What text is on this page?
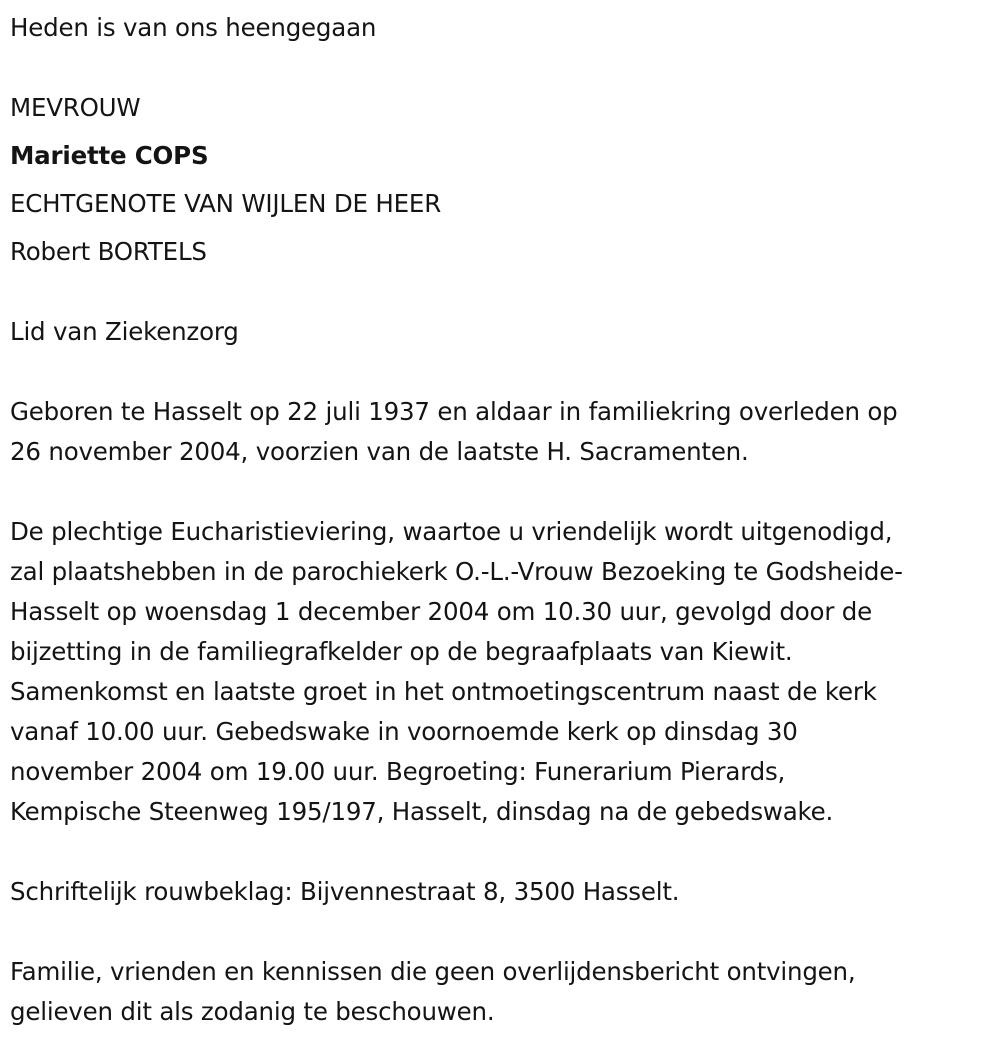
Heden is van ons heengegaan

MEVROUW

Mariette COPS

ECHTGENOTE VAN WIJLEN DE HEER

Robert BORTELS

Lid van Ziekenzorg

Geboren te Hasselt op 22 juli 1937 en aldaar in familiekring overleden op

26 november 2004, voorzien van de laatste H. Sacramenten.

De plechtige Eucharistieviering, waartoe u vriendelijk wordt uitgenodigd,

zal plaatshebben in de parochiekerk O.-L.-Vrouw Bezoeking te Godsheide-

Hasselt op woensdag 1 december 2004 om 10.30 uur, gevolgd door de

bijzetting in de familiegrafkelder op de begraafplaats van Kiewit.

Samenkomst en laatste groet in het ontmoetingscentrum naast de kerk

vanaf 10.00 uur. Gebedswake in voornoemde kerk op dinsdag 30

november 2004 om 19.00 uur. Begroeting: Funerarium Pierards,

Kempische Steenweg 195/197, Hasselt, dinsdag na de gebedswake.

Schriftelijk rouwbeklag: Bijvennestraat 8, 3500 Hasselt.

Familie, vrienden en kennissen die geen overlijdensbericht ontvingen,

gelieven dit als zodanig te beschouwen.
